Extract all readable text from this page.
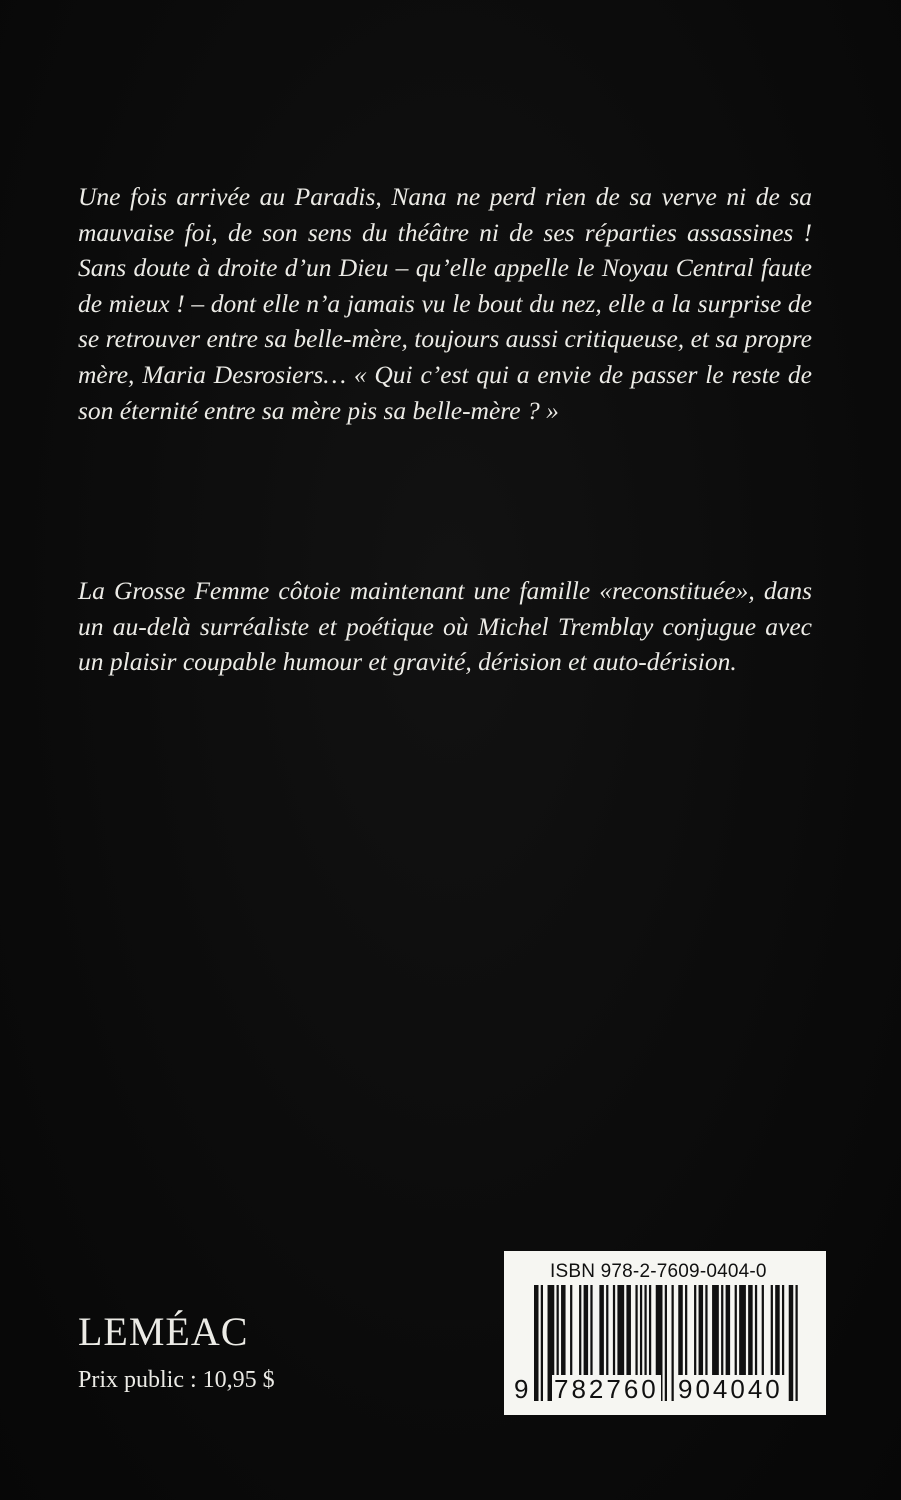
Une fois arrivée au Paradis, Nana ne perd rien de sa verve ni de sa mauvaise foi, de son sens du théâtre ni de ses réparties assassines ! Sans doute à droite d’un Dieu – qu’elle appelle le Noyau Central faute de mieux ! – dont elle n’a jamais vu le bout du nez, elle a la surprise de se retrouver entre sa belle-mère, toujours aussi critiqueuse, et sa propre mère, Maria Desrosiers… « Qui c’est qui a envie de passer le reste de son éternité entre sa mère pis sa belle-mère ? »

La Grosse Femme côtoie maintenant une famille «reconstituée», dans un au-delà surréaliste et poétique où Michel Tremblay conjugue avec un plaisir coupable humour et gravité, dérision et auto-dérision.

LEMÉAC
Prix public : 10,95 $
ISBN 978-2-7609-0404-0
9 782760 904040
